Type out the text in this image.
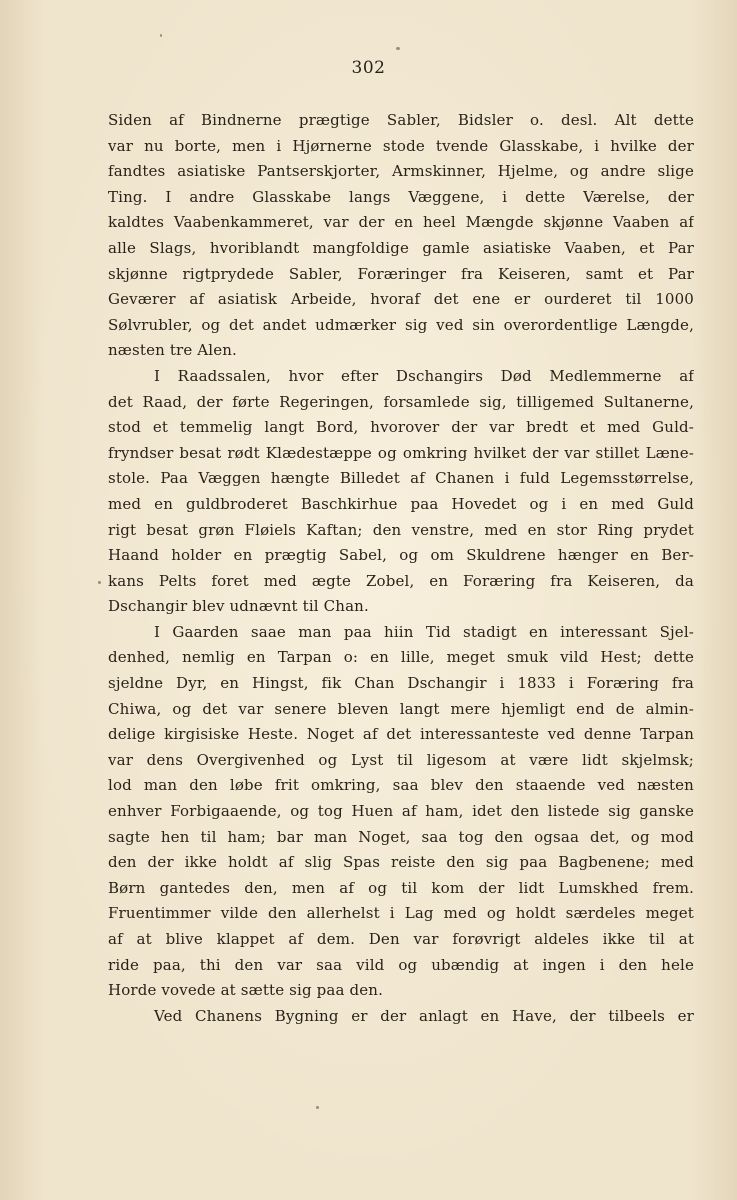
302
Siden af Bindnerne prægtige Sabler, Bidsler o. desl. Alt dette
var nu borte, men i Hjørnerne stode tvende Glasskabe, i hvilke der
fandtes asiatiske Pantserskjorter, Armskinner, Hjelme, og andre slige
Ting. I andre Glasskabe langs Væggene, i dette Værelse, der
kaldtes Vaabenkammeret, var der en heel Mængde skjønne Vaaben af
alle Slags, hvoriblandt mangfoldige gamle asiatiske Vaaben, et Par
skjønne rigtprydede Sabler, Foræringer fra Keiseren, samt et Par
Geværer af asiatisk Arbeide, hvoraf det ene er ourderet til 1000
Sølvrubler, og det andet udmærker sig ved sin overordentlige Længde,
næsten tre Alen.
I Raadssalen, hvor efter Dschangirs Død Medlemmerne af
det Raad, der førte Regeringen, forsamlede sig, tilligemed Sultanerne,
stod et temmelig langt Bord, hvorover der var bredt et med Guld-
fryndser besat rødt Klædestæppe og omkring hvilket der var stillet Læne-
stole. Paa Væggen hængte Billedet af Chanen i fuld Legemsstørrelse,
med en guldbroderet Baschkirhue paa Hovedet og i en med Guld
rigt besat grøn Fløiels Kaftan; den venstre, med en stor Ring prydet
Haand holder en prægtig Sabel, og om Skuldrene hænger en Ber-
kans Pelts foret med ægte Zobel, en Foræring fra Keiseren, da
Dschangir blev udnævnt til Chan.
I Gaarden saae man paa hiin Tid stadigt en interessant Sjel-
denhed, nemlig en Tarpan o: en lille, meget smuk vild Hest; dette
sjeldne Dyr, en Hingst, fik Chan Dschangir i 1833 i Foræring fra
Chiwa, og det var senere bleven langt mere hjemligt end de almin-
delige kirgisiske Heste. Noget af det interessanteste ved denne Tarpan
var dens Overgivenhed og Lyst til ligesom at være lidt skjelmsk;
lod man den løbe frit omkring, saa blev den staaende ved næsten
enhver Forbigaaende, og tog Huen af ham, idet den listede sig ganske
sagte hen til ham; bar man Noget, saa tog den ogsaa det, og mod
den der ikke holdt af slig Spas reiste den sig paa Bagbenene; med
Børn gantedes den, men af og til kom der lidt Lumskhed frem.
Fruentimmer vilde den allerhelst i Lag med og holdt særdeles meget
af at blive klappet af dem. Den var forøvrigt aldeles ikke til at
ride paa, thi den var saa vild og ubændig at ingen i den hele
Horde vovede at sætte sig paa den.
Ved Chanens Bygning er der anlagt en Have, der tilbeels er
